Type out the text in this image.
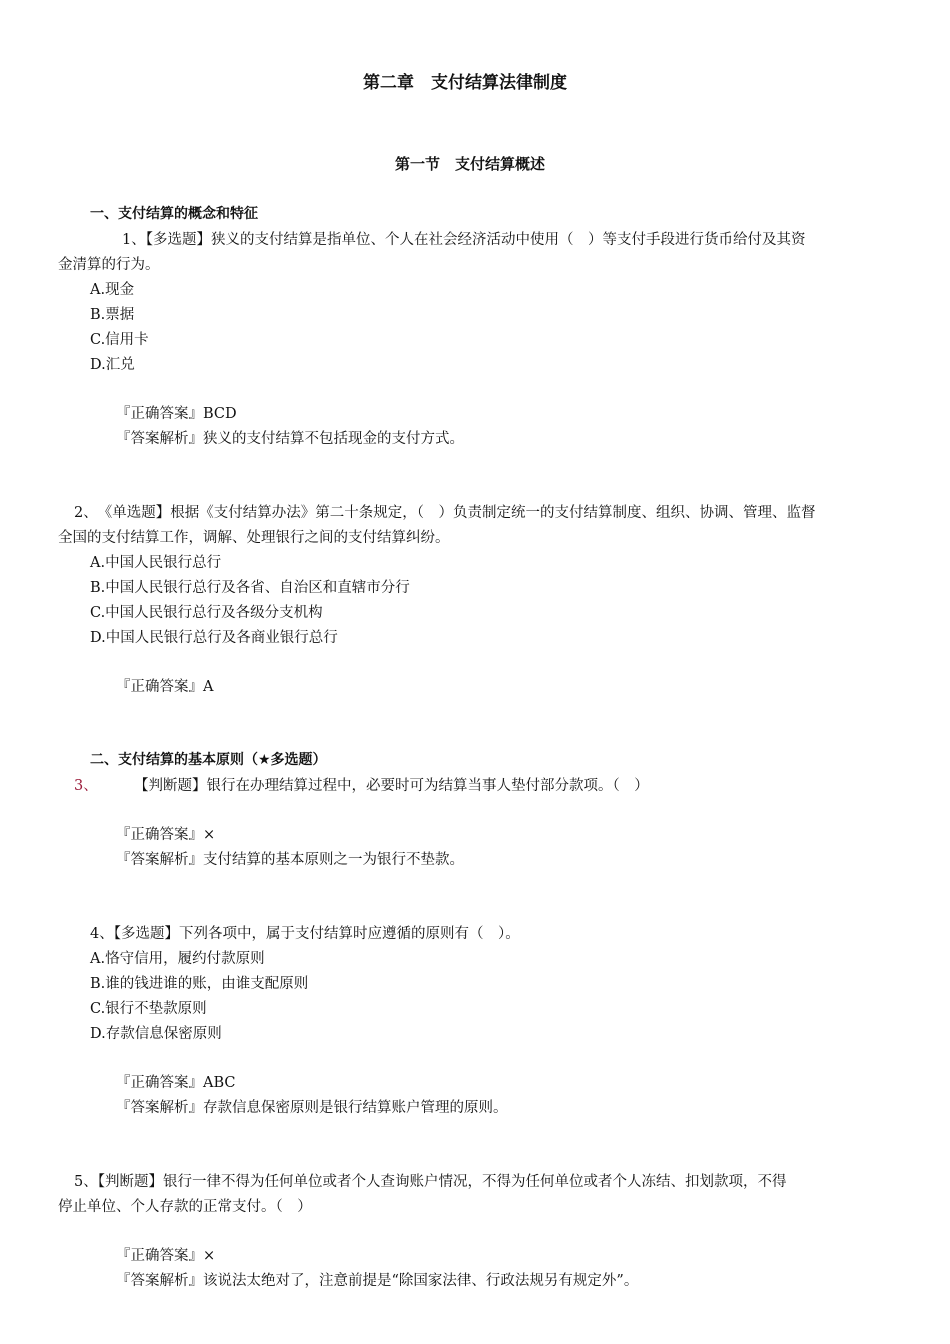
第二章　支付结算法律制度
第一节　支付结算概述
一、支付结算的概念和特征
1、【多选题】狭义的支付结算是指单位、个人在社会经济活动中使用（　）等支付手段进行货币给付及其资
金清算的行为。
A.现金
B.票据
C.信用卡
D.汇兑
『正确答案』BCD
『答案解析』狭义的支付结算不包括现金的支付方式。
2、　《单选题】根据《支付结算办法》第二十条规定，（　）负责制定统一的支付结算制度、组织、协调、管理、监督
全国的支付结算工作，调解、处理银行之间的支付结算纠纷。
A.中国人民银行总行
B.中国人民银行总行及各省、自治区和直辖市分行
C.中国人民银行总行及各级分支机构
D.中国人民银行总行及各商业银行总行
『正确答案』A
二、支付结算的基本原则（★多选题）
3、	【判断题】银行在办理结算过程中，必要时可为结算当事人垫付部分款项。（　）
『正确答案』×
『答案解析』支付结算的基本原则之一为银行不垫款。
4、【多选题】下列各项中，属于支付结算时应遵循的原则有（　）。
A.恪守信用，履约付款原则
B.谁的钱进谁的账，由谁支配原则
C.银行不垫款原则
D.存款信息保密原则
『正确答案』ABC
『答案解析』存款信息保密原则是银行结算账户管理的原则。
5、【判断题】银行一律不得为任何单位或者个人查询账户情况，不得为任何单位或者个人冻结、扣划款项，不得
停止单位、个人存款的正常支付。（　）
『正确答案』×
『答案解析』该说法太绝对了，注意前提是“除国家法律、行政法规另有规定外”。
